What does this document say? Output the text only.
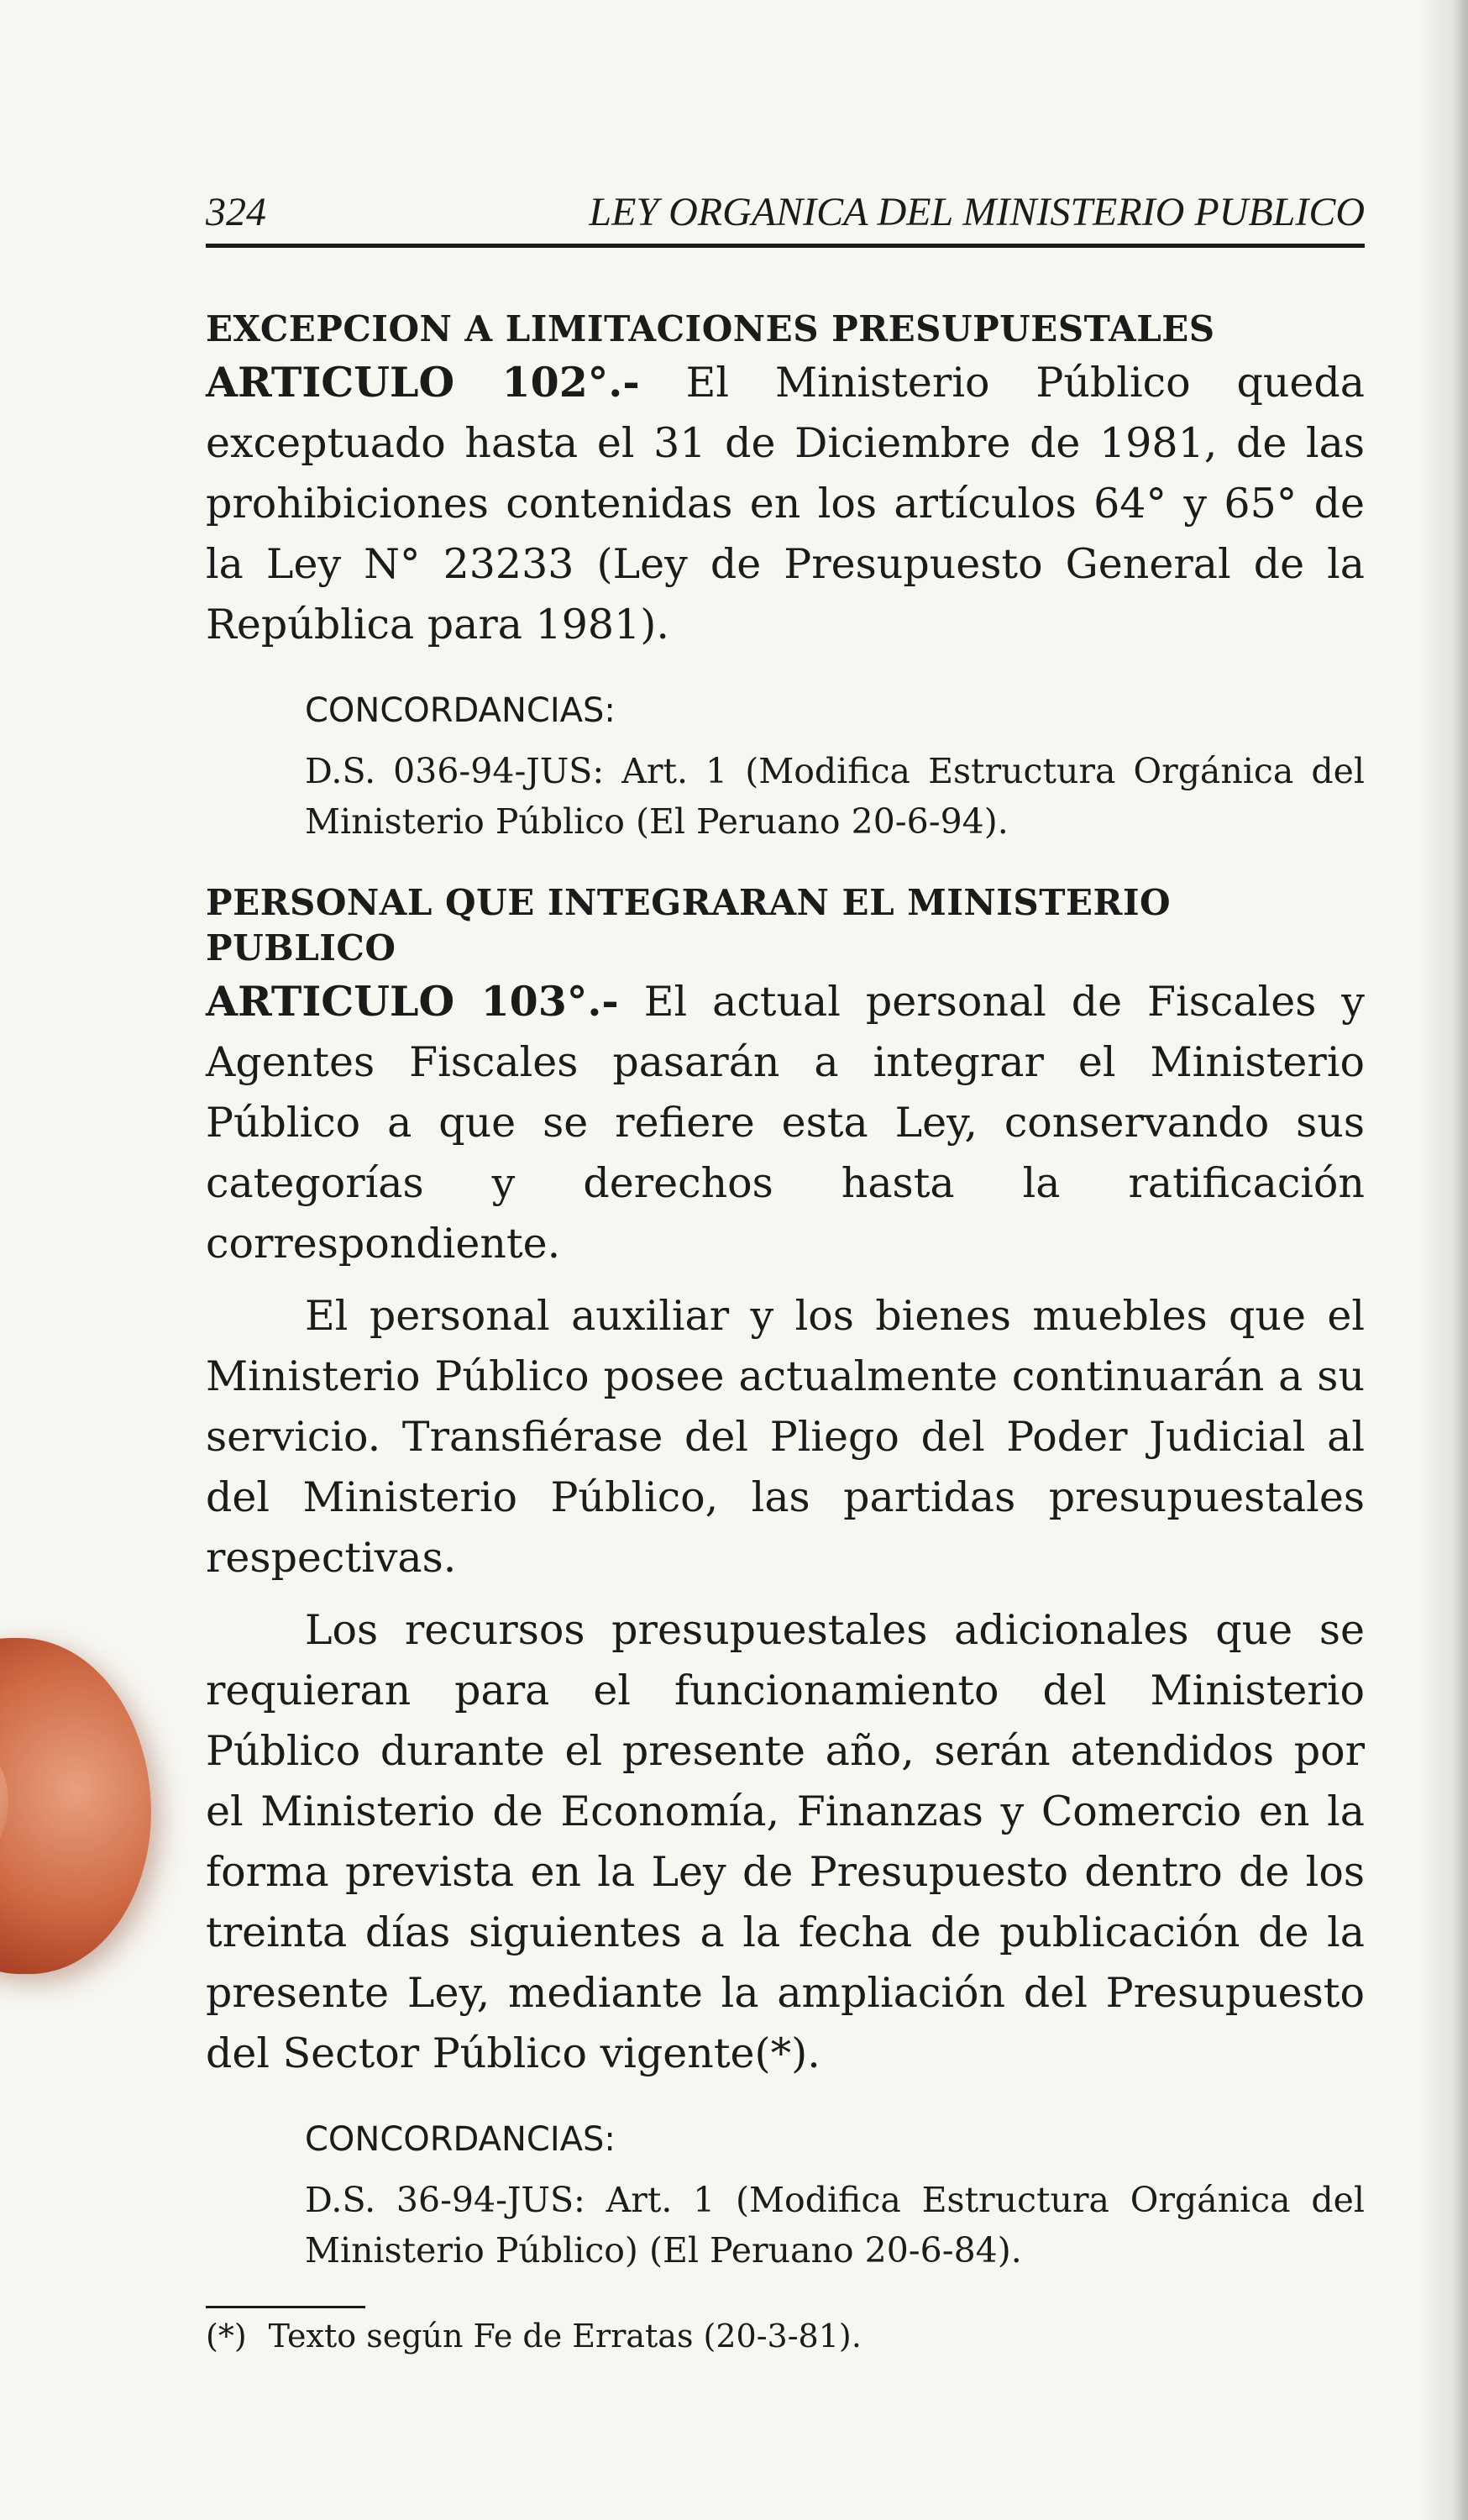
324	LEY ORGANICA DEL MINISTERIO PUBLICO

EXCEPCION A LIMITACIONES PRESUPUESTALES

ARTICULO 102°.- El Ministerio Público queda exceptuado hasta el 31 de Diciembre de 1981, de las prohibiciones contenidas en los artículos 64° y 65° de la Ley N° 23233 (Ley de Presupuesto General de la República para 1981).

CONCORDANCIAS:
D.S. 036-94-JUS: Art. 1 (Modifica Estructura Orgánica del Ministerio Público (El Peruano 20-6-94).

PERSONAL QUE INTEGRARAN EL MINISTERIO PUBLICO

ARTICULO 103°.- El actual personal de Fiscales y Agentes Fiscales pasarán a integrar el Ministerio Público a que se refiere esta Ley, conservando sus categorías y derechos hasta la ratificación correspondiente.

El personal auxiliar y los bienes muebles que el Ministerio Público posee actualmente continuarán a su servicio. Transfiérase del Pliego del Poder Judicial al del Ministerio Público, las partidas presupuestales respectivas.

Los recursos presupuestales adicionales que se requieran para el funcionamiento del Ministerio Público durante el presente año, serán atendidos por el Ministerio de Economía, Finanzas y Comercio en la forma prevista en la Ley de Presupuesto dentro de los treinta días siguientes a la fecha de publicación de la presente Ley, mediante la ampliación del Presupuesto del Sector Público vigente(*).

CONCORDANCIAS:
D.S. 36-94-JUS: Art. 1 (Modifica Estructura Orgánica del Ministerio Público) (El Peruano 20-6-84).
(*) Texto según Fe de Erratas (20-3-81).
